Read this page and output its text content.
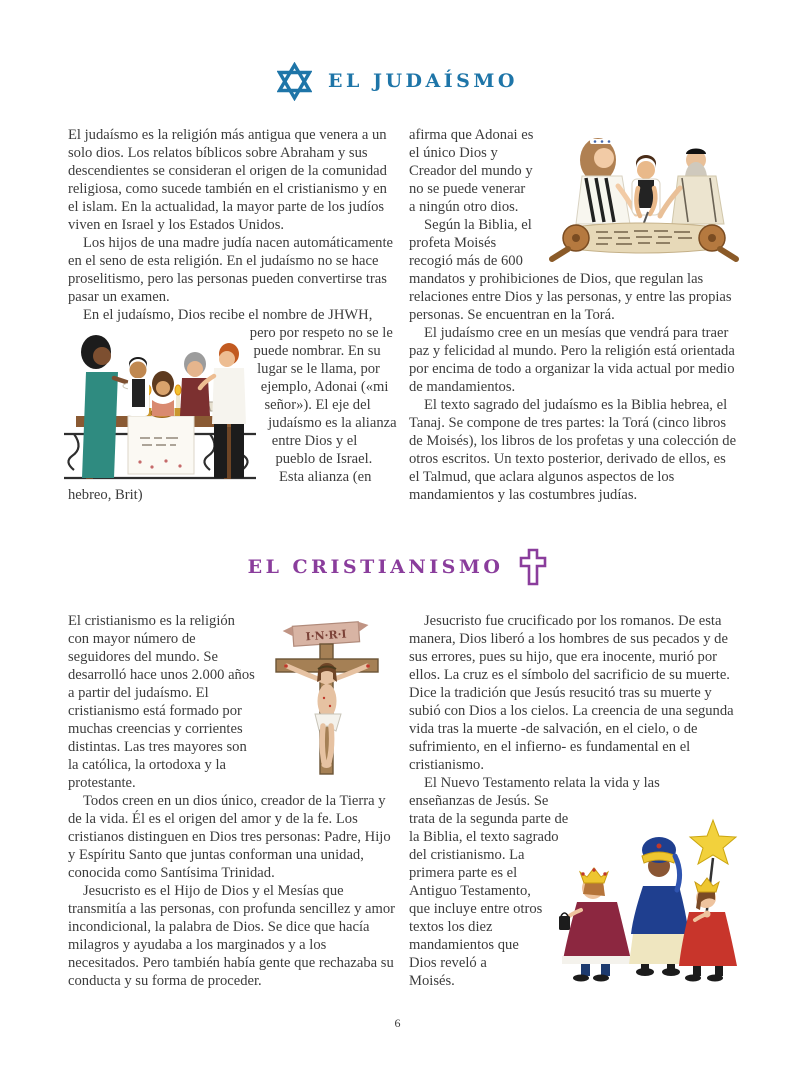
EL JUDAÍSMO

El judaísmo es la religión más antigua que venera a un solo dios. Los relatos bíblicos sobre Abraham y sus descendientes se consideran el origen de la comunidad religiosa, como sucede también en el cristianismo y en el islam. En la actualidad, la mayor parte de los judíos viven en Israel y los Estados Unidos.

Los hijos de una madre judía nacen automáticamente en el seno de esta religión. En el judaísmo no se hace proselitismo, pero las personas pueden convertirse tras pasar un examen.

En el judaísmo, Dios recibe el nombre de JHWH,

pero por respeto no se le puede nombrar. En su lugar se le llama, por ejemplo, Adonai («mi señor»). El eje del judaísmo es la alianza entre Dios y el pueblo de Israel. Esta alianza (en hebreo, Brit)

afirma que Adonai es el único Dios y Creador del mundo y no se puede venerar a ningún otro dios.

Según la Biblia, el profeta Moisés recogió más de 600 mandatos y prohibiciones de Dios, que regulan las relaciones entre Dios y las personas, y entre las propias personas. Se encuentran en la Torá.

El judaísmo cree en un mesías que vendrá para traer paz y felicidad al mundo. Pero la religión está orientada por encima de todo a organizar la vida actual por medio de mandamientos.

El texto sagrado del judaísmo es la Biblia hebrea, el Tanaj. Se compone de tres partes: la Torá (cinco libros de Moisés), los libros de los profetas y una colección de otros escritos. Un texto posterior, derivado de ellos, es el Talmud, que aclara algunos aspectos de los mandamientos y las costumbres judías.

EL CRISTIANISMO
I·N·R·I

El cristianismo es la religión con mayor número de seguidores del mundo. Se desarrolló hace unos 2.000 años a partir del judaísmo. El cristianismo está formado por muchas creencias y corrientes distintas. Las tres mayores son la católica, la ortodoxa y la protestante.

Todos creen en un dios único, creador de la Tierra y de la vida. Él es el origen del amor y de la fe. Los cristianos distinguen en Dios tres personas: Padre, Hijo y Espíritu Santo que juntas conforman una unidad, conocida como Santísima Trinidad.

Jesucristo es el Hijo de Dios y el Mesías que transmitía a las personas, con profunda sencillez y amor incondicional, la palabra de Dios. Se dice que hacía milagros y ayudaba a los marginados y a los necesitados. Pero también había gente que rechazaba su conducta y su forma de proceder.

Jesucristo fue crucificado por los romanos. De esta manera, Dios liberó a los hombres de sus pecados y de sus errores, pues su hijo, que era inocente, murió por ellos. La cruz es el símbolo del sacrificio de su muerte. Dice la tradición que Jesús resucitó tras su muerte y subió con Dios a los cielos. La creencia de una segunda vida tras la muerte -de salvación, en el cielo, o de sufrimiento, en el infierno- es fundamental en el cristianismo.

El Nuevo Testamento relata la vida y las

enseñanzas de Jesús. Se trata de la segunda parte de la Biblia, el texto sagrado del cristianismo. La primera parte es el Antiguo Testamento, que incluye entre otros textos los diez mandamientos que Dios reveló a Moisés.

6
